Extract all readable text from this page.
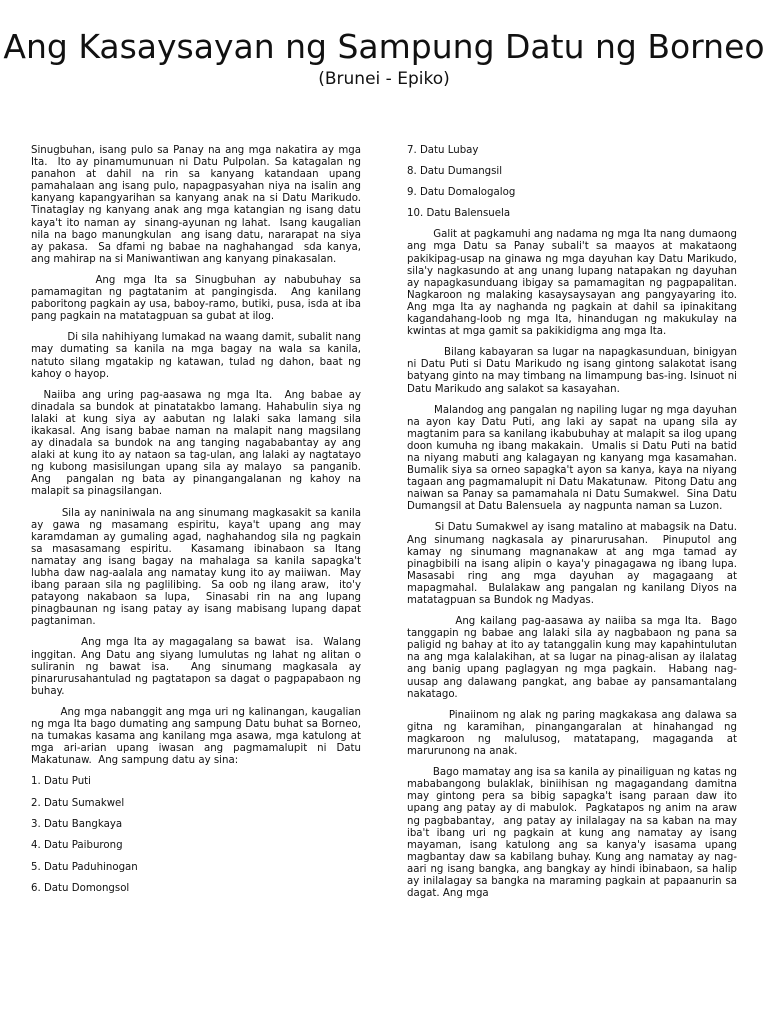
Ang Kasaysayan ng Sampung Datu ng Borneo
(Brunei - Epiko)

Sinugbuhan, isang pulo sa Panay na ang mga nakatira ay mga Ita.  Ito ay pinamumunuan ni Datu Pulpolan. Sa katagalan ng panahon at dahil na rin sa kanyang katandaan upang pamahalaan ang isang pulo, napagpasyahan niya na isalin ang kanyang kapangyarihan sa kanyang anak na si Datu Marikudo.  Tinataglay ng kanyang anak ang mga katangian ng isang datu kaya't ito naman ay  sinang-ayunan ng lahat.  Isang kaugalian nila na bago manungkulan  ang isang datu, nararapat na siya ay pakasa.  Sa dfami ng babae na naghahangad  sda kanya,  ang mahirap na si Maniwantiwan ang kanyang pinakasalan.

Ang mga Ita sa Sinugbuhan ay nabubuhay sa pamamagitan ng pagtatanim at pangingisda.  Ang kanilang paboritong pagkain ay usa, baboy-ramo, butiki, pusa, isda at iba pang pagkain na matatagpuan sa gubat at ilog.

Di sila nahihiyang lumakad na waang damit, subalit nang may dumating sa kanila na mga bagay na wala sa kanila,  natuto silang mgatakip ng katawan, tulad ng dahon, baat ng kahoy o hayop.

Naiiba ang uring pag-aasawa ng mga Ita.  Ang babae ay dinadala sa bundok at pinatatakbo lamang. Hahabulin siya ng lalaki at kung siya ay aabutan ng lalaki saka lamang sila ikakasal. Ang isang babae naman na malapit nang magsilang  ay dinadala sa bundok na ang tanging nagababantay ay ang alaki at kung ito ay nataon sa tag-ulan, ang lalaki ay nagtatayo ng kubong masisilungan upang sila ay malayo  sa panganib. Ang  pangalan ng bata ay pinangangalanan ng kahoy na malapit sa pinagsilangan.

Sila ay naniniwala na ang sinumang magkasakit sa kanila ay gawa ng masamang espiritu, kaya't upang ang may karamdaman ay gumaling agad, naghahandog sila ng pagkain sa masasamang espiritu.  Kasamang ibinabaon sa Itang namatay ang isang bagay na mahalaga sa kanila sapagka't lubha daw nag-aalala ang namatay kung ito ay maiiwan.  May ibang paraan sila ng paglilibing.  Sa oob ng ilang araw,  ito'y patayong nakabaon sa lupa,  Sinasabi rin na ang lupang pinagbaunan ng isang patay ay isang mabisang lupang dapat pagtaniman.

Ang mga Ita ay magagalang sa bawat  isa.  Walang inggitan. Ang Datu ang siyang lumulutas ng lahat ng alitan o suliranin ng bawat isa.  Ang sinumang magkasala ay pinarurusahantulad ng pagtatapon sa dagat o pagpapabaon ng buhay.

Ang mga nabanggit ang mga uri ng kalinangan, kaugalian ng mga Ita bago dumating ang sampung Datu buhat sa Borneo, na tumakas kasama ang kanilang mga asawa, mga katulong at mga ari-arian upang iwasan ang pagmamalupit ni Datu Makatunaw.  Ang sampung datu ay sina:

1. Datu Puti

2. Datu Sumakwel

3. Datu Bangkaya

4. Datu Paiburong

5. Datu Paduhinogan

6. Datu Domongsol

7. Datu Lubay

8. Datu Dumangsil

9. Datu Domalogalog

10. Datu Balensuela

Galit at pagkamuhi ang nadama ng mga Ita nang dumaong ang mga Datu sa Panay subali't sa maayos at makataong pakikipag-usap na ginawa ng mga dayuhan kay Datu Marikudo, sila'y nagkasundo at ang unang lupang natapakan ng dayuhan ay napagkasunduang ibigay sa pamamagitan ng pagpapalitan.  Nagkaroon ng malaking kasaysaysayan ang pangyayaring ito.  Ang mga Ita ay naghanda ng pagkain at dahil sa ipinakitang kagandahang-loob ng mga Ita, hinandugan ng makukulay na kwintas at mga gamit sa pakikidigma ang mga Ita.

Bilang kabayaran sa lugar na napagkasunduan, binigyan ni Datu Puti si Datu Marikudo ng isang gintong salakotat isang batyang ginto na may timbang na limampung bas-ing. Isinuot ni Datu Marikudo ang salakot sa kasayahan.

Malandog ang pangalan ng napiling lugar ng mga dayuhan na ayon kay Datu Puti, ang laki ay sapat na upang sila ay magtanim para sa kanilang ikabubuhay at malapit sa ilog upang doon kumuha ng ibang makakain.  Umalis si Datu Puti na batid na niyang mabuti ang kalagayan ng kanyang mga kasamahan. Bumalik siya sa orneo sapagka't ayon sa kanya, kaya na niyang tagaan ang pagmamalupit ni Datu Makatunaw.  Pitong Datu ang naiwan sa Panay sa pamamahala ni Datu Sumakwel.  Sina Datu Dumangsil at Datu Balensuela  ay nagpunta naman sa Luzon.

Si Datu Sumakwel ay isang matalino at mabagsik na Datu.  Ang sinumang nagkasala ay pinarurusahan.  Pinuputol ang kamay ng sinumang magnanakaw at ang mga tamad ay pinagbibili na isang alipin o kaya'y pinagagawa ng ibang lupa.  Masasabi ring ang mga dayuhan ay magagaang at mapagmahal.  Bulalakaw ang pangalan ng kanilang Diyos na matatagpuan sa Bundok ng Madyas.

Ang kailang pag-aasawa ay naiiba sa mga Ita.  Bago tanggapin ng babae ang lalaki sila ay nagbabaon ng pana sa paligid ng bahay at ito ay tatanggalin kung may kapahintulutan na ang mga kalalakihan, at sa lugar na pinag-alisan ay ilalatag ang banig upang paglagyan ng mga pagkain.  Habang nag-uusap ang dalawang pangkat, ang babae ay pansamantalang nakatago.

Pinaiinom ng alak ng paring magkakasa ang dalawa sa gitna ng karamihan, pinangangaralan at hinahangad ng magkaroon ng malulusog, matatapang, magaganda at marurunong na anak.

Bago mamatay ang isa sa kanila ay pinailiguan ng katas ng mababangong bulaklak, biniihisan ng magagandang damitna may gintong pera sa bibig sapagka't isang paraan daw ito upang ang patay ay di mabulok.  Pagkatapos ng anim na araw ng pagbabantay,  ang patay ay inilalagay na sa kaban na may iba't ibang uri ng pagkain at kung ang namatay ay isang mayaman, isang katulong ang sa kanya'y isasama upang magbantay daw sa kabilang buhay. Kung ang namatay ay nag-aari ng isang bangka, ang bangkay ay hindi ibinabaon, sa halip ay inilalagay sa bangka na maraming pagkain at papaanurin sa dagat. Ang mga
